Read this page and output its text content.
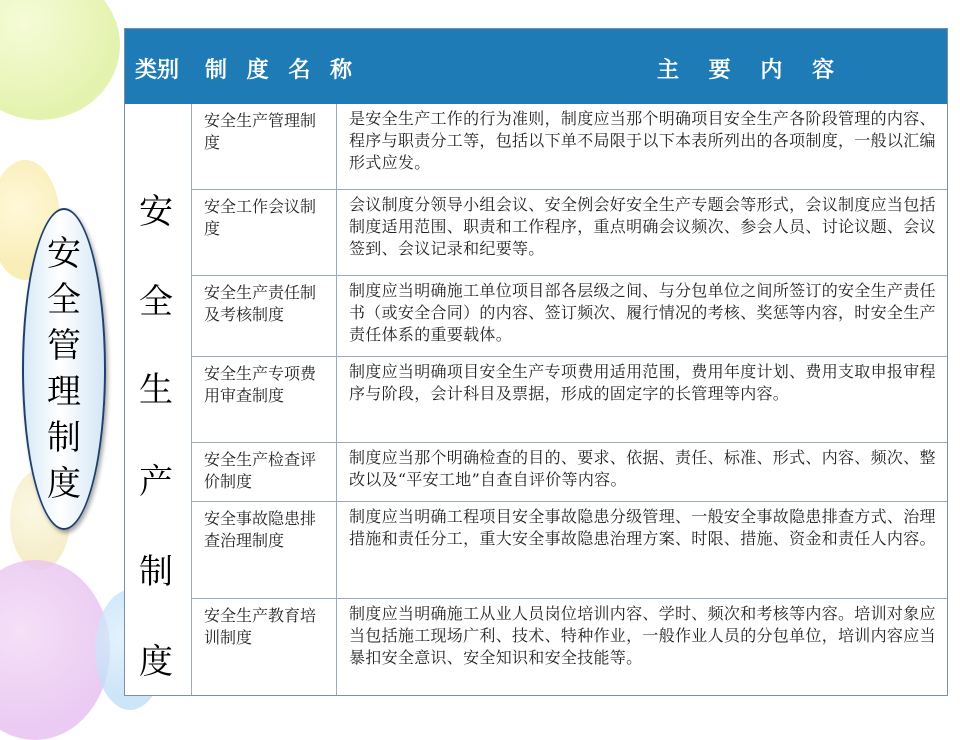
安
全
管
理
制
度
类别 制 度 名 称	主 要 内 容
安
全
生
产
制
度
安全生产管理制度
是安全生产工作的行为准则，制度应当那个明确项目安全生产各阶段管理的内容、程序与职责分工等，包括以下单不局限于以下本表所列出的各项制度，一般以汇编形式应发。
安全工作会议制度
会议制度分领导小组会议、安全例会好安全生产专题会等形式，会议制度应当包括制度适用范围、职责和工作程序，重点明确会议频次、参会人员、讨论议题、会议签到、会议记录和纪要等。
安全生产责任制及考核制度
制度应当明确施工单位项目部各层级之间、与分包单位之间所签订的安全生产责任书（或安全合同）的内容、签订频次、履行情况的考核、奖惩等内容，时安全生产责任体系的重要载体。
安全生产专项费用审查制度
制度应当明确项目安全生产专项费用适用范围，费用年度计划、费用支取申报审程序与阶段，会计科目及票据，形成的固定字的长管理等内容。
安全生产检查评价制度
制度应当那个明确检查的目的、要求、依据、责任、标准、形式、内容、频次、整改以及“平安工地”自查自评价等内容。
安全事故隐患排查治理制度
制度应当明确工程项目安全事故隐患分级管理、一般安全事故隐患排查方式、治理措施和责任分工，重大安全事故隐患治理方案、时限、措施、资金和责任人内容。
安全生产教育培训制度
制度应当明确施工从业人员岗位培训内容、学时、频次和考核等内容。培训对象应当包括施工现场广利、技术、特种作业，一般作业人员的分包单位，培训内容应当暴扣安全意识、安全知识和安全技能等。
